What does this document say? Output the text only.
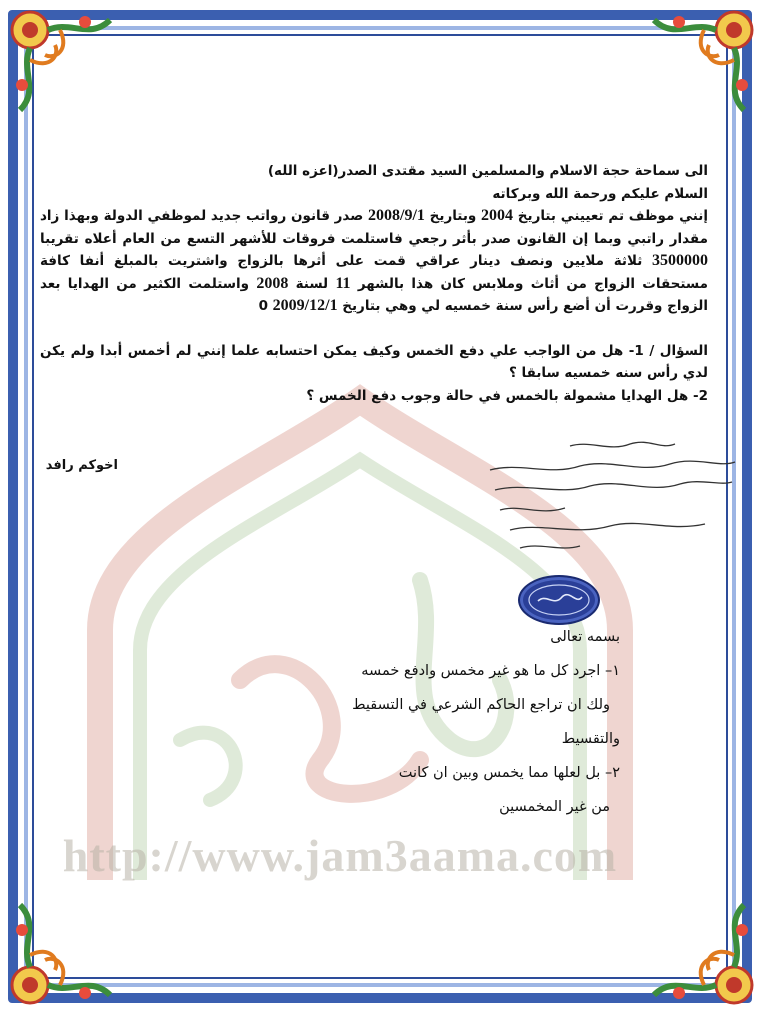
http://www.jam3aama.com

الى سماحة حجة الاسلام والمسلمين السيد مقتدى الصدر(اعزه الله)

السلام عليكم ورحمة الله وبركاته

إنني موظف تم تعييني بتاريخ 2004 وبتاريخ 2008/9/1 صدر قانون رواتب جديد لموظفي الدولة وبهذا زاد مقدار راتبي وبما إن القانون صدر بأثر رجعي فاستلمت فروقات للأشهر التسع من العام أعلاه تقريبا 3500000 ثلاثة ملايين ونصف دينار عراقي قمت على أثرها بالزواج واشتريت بالمبلغ أنفا كافة مستحقات الزواج من أثاث وملابس كان هذا بالشهر 11 لسنة 2008 واستلمت الكثير من الهدايا بعد الزواج وقررت أن أضع رأس سنة خمسيه لي وهي بتاريخ 2009/12/1 0

السؤال / 1- هل من الواجب علي دفع الخمس وكيف يمكن احتسابه علما إنني لم أخمس أبدا ولم يكن لدي رأس سنه خمسيه سابقا ؟

2- هل الهدايا مشمولة بالخمس في حالة وجوب دفع الخمس ؟

اخوكم رافد

بسمه تعالى

١– اجرد كل ما هو غير مخمس وادفع خمسه

ولك ان تراجع الحاكم الشرعي في التسقيط

والتقسيط

٢– بل لعلها مما يخمس وبين ان كانت

من غير المخمسين
